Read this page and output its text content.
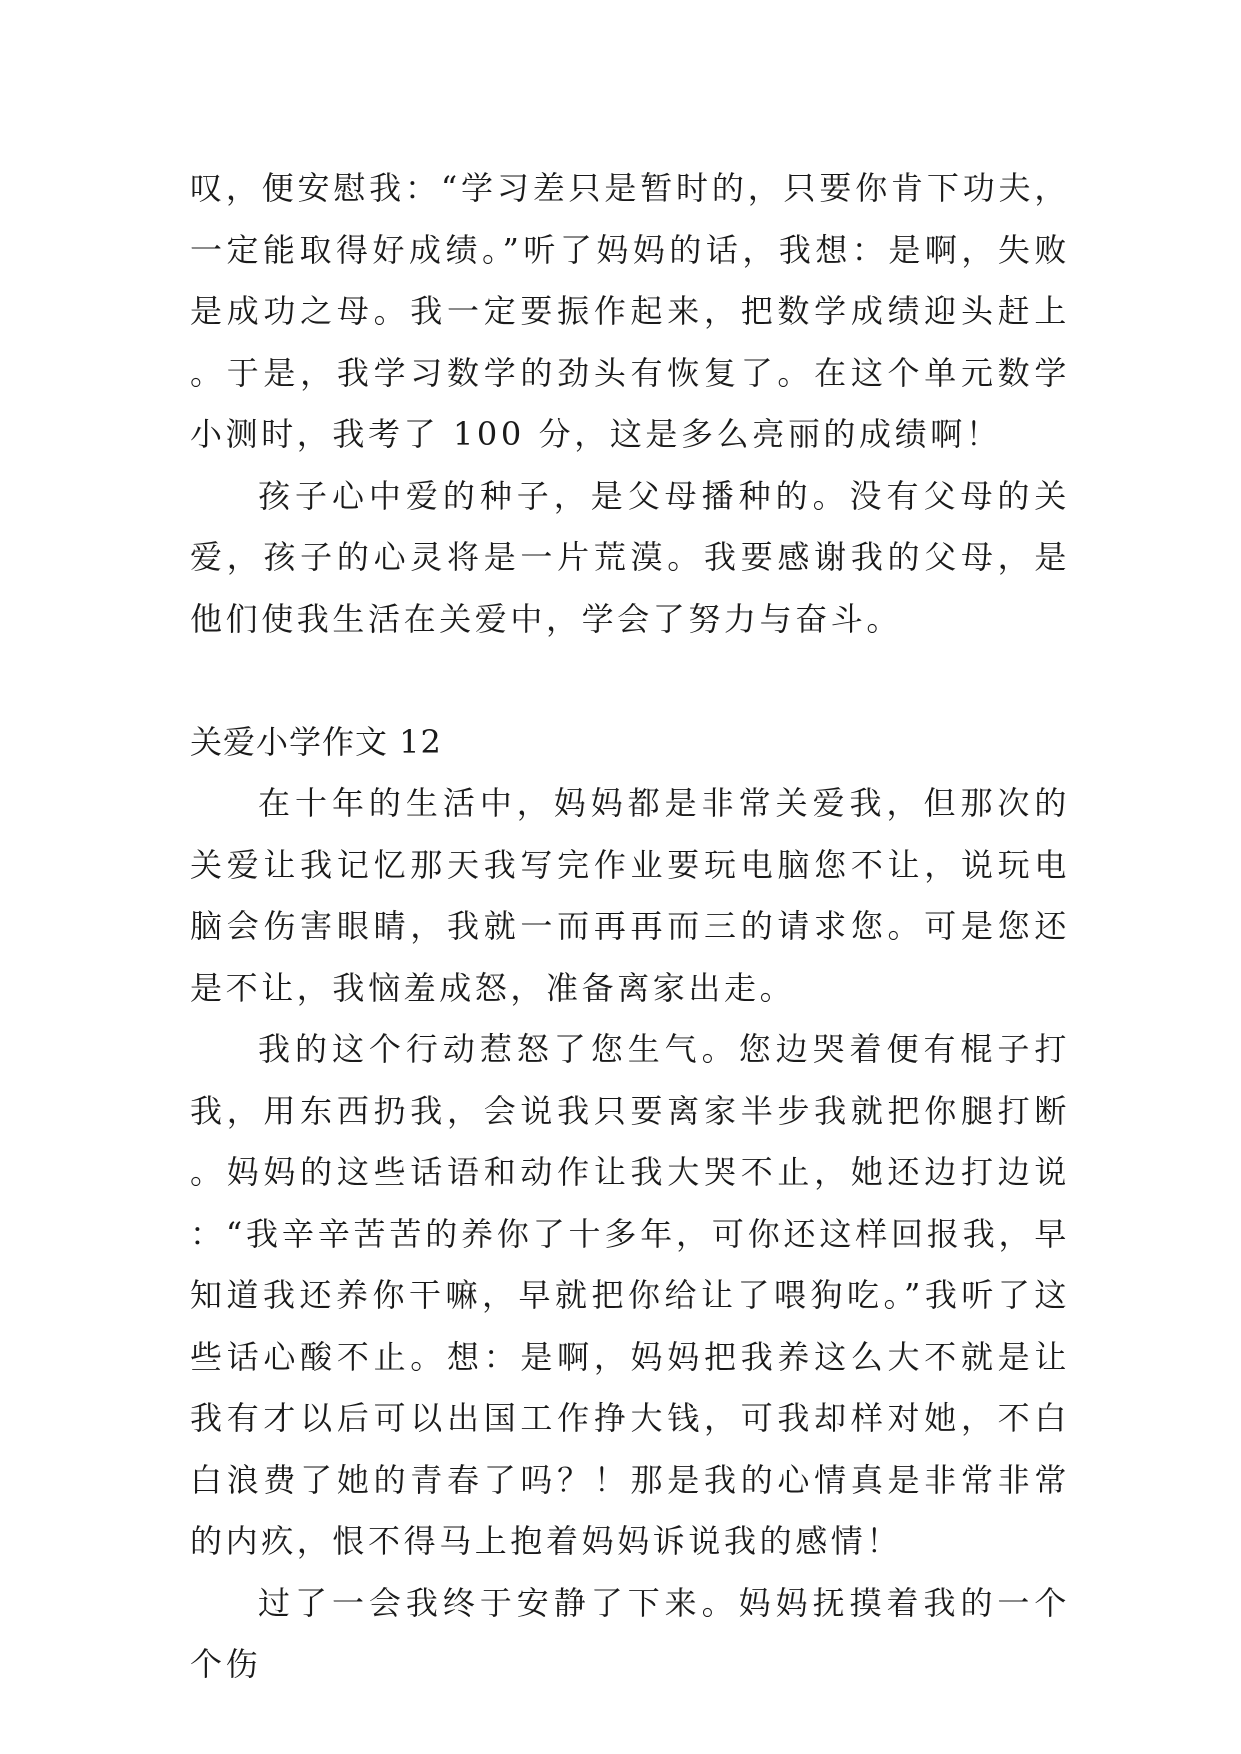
叹，便安慰我：“学习差只是暂时的，只要你肯下功夫，一定能取得好成绩。”听了妈妈的话，我想：是啊，失败是成功之母。我一定要振作起来，把数学成绩迎头赶上。于是，我学习数学的劲头有恢复了。在这个单元数学小测时，我考了 100 分，这是多么亮丽的成绩啊！

孩子心中爱的种子，是父母播种的。没有父母的关爱，孩子的心灵将是一片荒漠。我要感谢我的父母，是他们使我生活在关爱中，学会了努力与奋斗。

关爱小学作文 12

在十年的生活中，妈妈都是非常关爱我，但那次的关爱让我记忆那天我写完作业要玩电脑您不让，说玩电脑会伤害眼睛，我就一而再再而三的请求您。可是您还是不让，我恼羞成怒，准备离家出走。

我的这个行动惹怒了您生气。您边哭着便有棍子打我，用东西扔我，会说我只要离家半步我就把你腿打断。妈妈的这些话语和动作让我大哭不止，她还边打边说：“我辛辛苦苦的养你了十多年，可你还这样回报我，早知道我还养你干嘛，早就把你给让了喂狗吃。”我听了这些话心酸不止。想：是啊，妈妈把我养这么大不就是让我有才以后可以出国工作挣大钱，可我却样对她，不白白浪费了她的青春了吗？！那是我的心情真是非常非常的内疚，恨不得马上抱着妈妈诉说我的感情！

过了一会我终于安静了下来。妈妈抚摸着我的一个个伤
